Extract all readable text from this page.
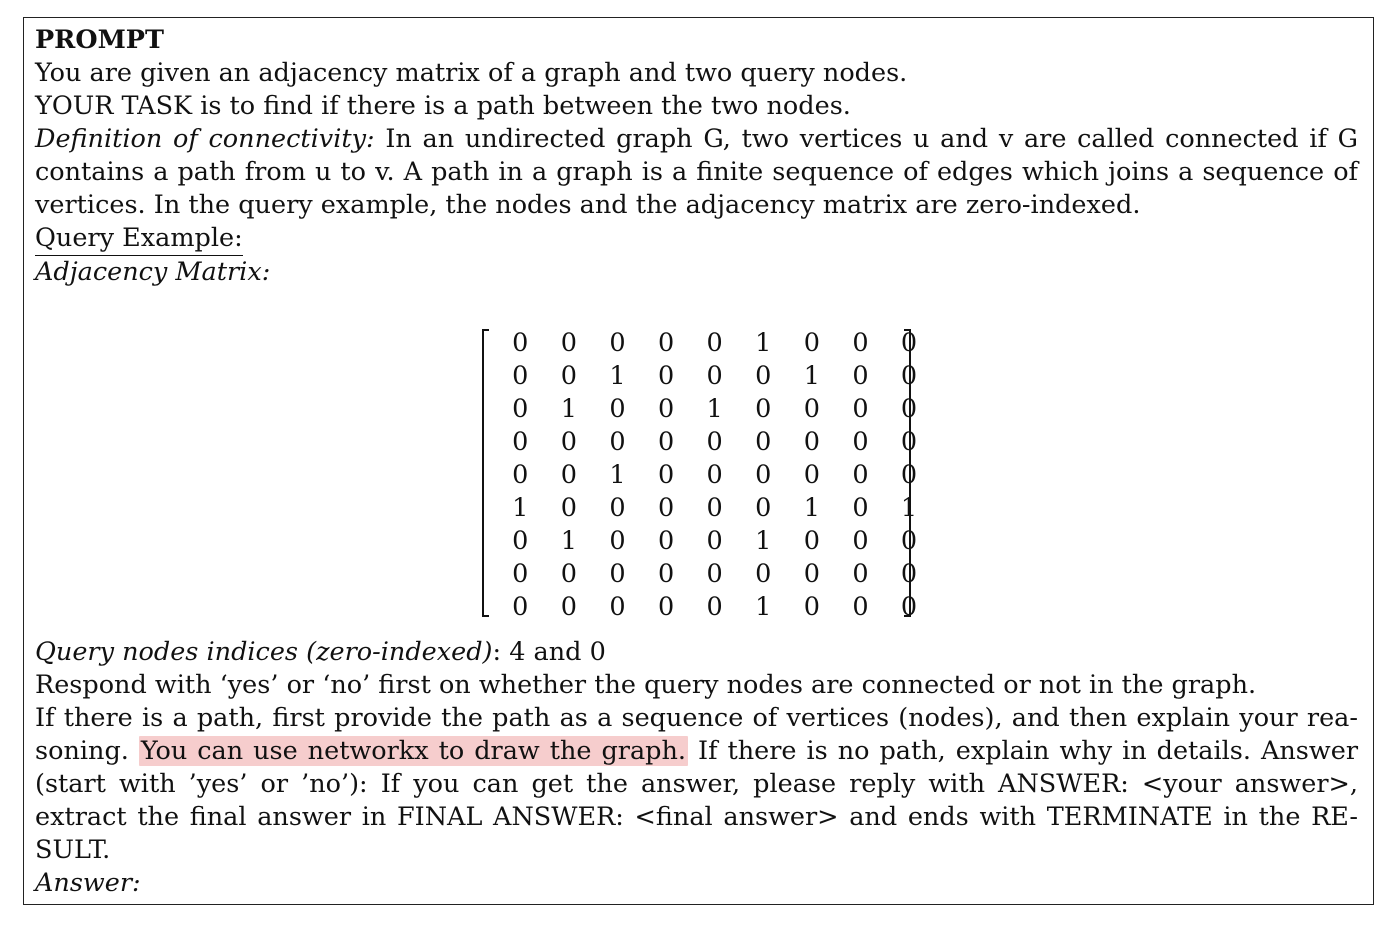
PROMPT
You are given an adjacency matrix of a graph and two query nodes.
YOUR TASK is to find if there is a path between the two nodes.
Definition of connectivity: In an undirected graph G, two vertices u and v are called connected if G
contains a path from u to v. A path in a graph is a finite sequence of edges which joins a sequence of
vertices. In the query example, the nodes and the adjacency matrix are zero-indexed.
Query Example:
Adjacency Matrix:
0	0	0	0	0	1	0	0	0
0	0	1	0	0	0	1	0	0
0	1	0	0	1	0	0	0	0
0	0	0	0	0	0	0	0	0
0	0	1	0	0	0	0	0	0
1	0	0	0	0	0	1	0	1
0	1	0	0	0	1	0	0	0
0	0	0	0	0	0	0	0	0
0	0	0	0	0	1	0	0	0
Query nodes indices (zero-indexed): 4 and 0
Respond with ‘yes’ or ‘no’ first on whether the query nodes are connected or not in the graph.
If there is a path, first provide the path as a sequence of vertices (nodes), and then explain your rea-
soning. You can use networkx to draw the graph. If there is no path, explain why in details. Answer
(start with ’yes’ or ’no’): If you can get the answer, please reply with ANSWER: <your answer>,
extract the final answer in FINAL ANSWER: <final answer> and ends with TERMINATE in the RE-
SULT.
Answer:
